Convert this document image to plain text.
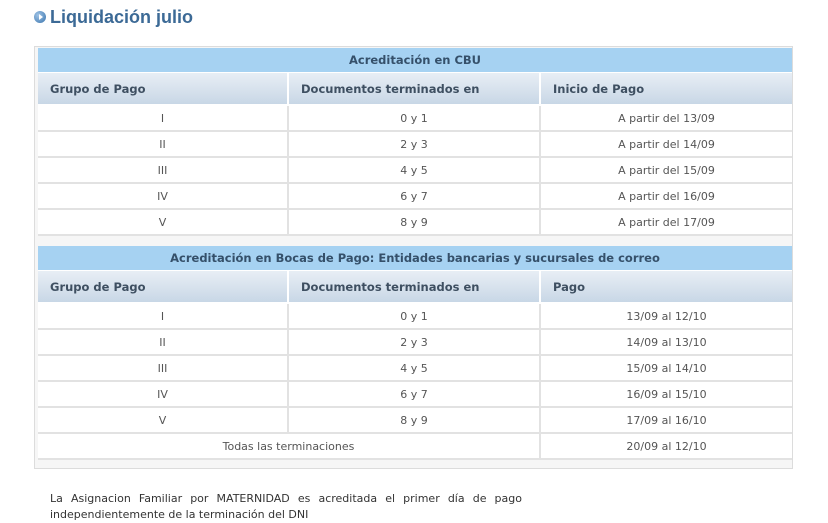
Liquidación julio
Acreditación en CBU		
Grupo de Pago	Documentos terminados en	Inicio de Pago
I	0 y 1	A partir del 13/09
II	2 y 3	A partir del 14/09
III	4 y 5	A partir del 15/09
IV	6 y 7	A partir del 16/09
V	8 y 9	A partir del 17/09
Acreditación en Bocas de Pago: Entidades bancarias y sucursales de correo		
Grupo de Pago	Documentos terminados en	Pago
I	0 y 1	13/09 al 12/10
II	2 y 3	14/09 al 13/10
III	4 y 5	15/09 al 14/10
IV	6 y 7	16/09 al 15/10
V	8 y 9	17/09 al 16/10
Todas las terminaciones		20/09 al 12/10
La Asignacion Familiar por MATERNIDAD es acreditada el primer día de pago independientemente de la terminación del DNI
